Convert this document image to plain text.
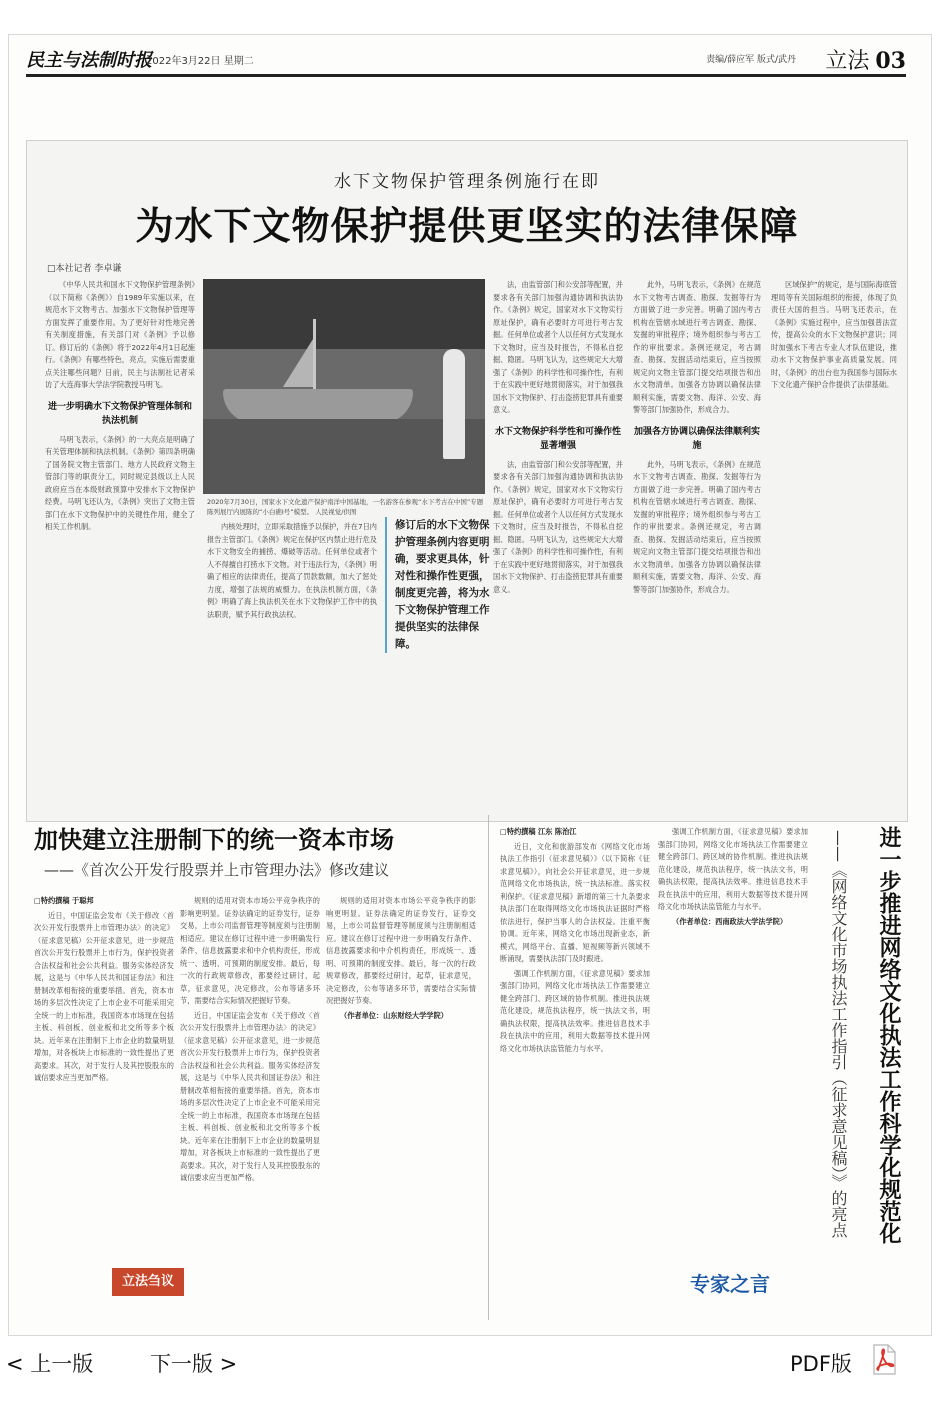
民主与法制时报
2022年3月22日 星期二	责编/薛应军 版式/武丹 立法 03
水下文物保护管理条例施行在即
为水下文物保护提供更坚实的法律保障
□本社记者 李卓谦

《中华人民共和国水下文物保护管理条例》（以下简称《条例》）自1989年实施以来，在规范水下文物考古、加强水下文物保护管理等方面发挥了重要作用。为了更好针对性地完善有关制度措施，有关部门对《条例》予以修订。修订后的《条例》将于2022年4月1日起施行。《条例》有哪些特色，亮点，实施后需要重点关注哪些问题？日前，民主与法制社记者采访了大连海事大学法学院教授马明飞。

进一步明确水下文物保护管理体制和执法机制

马明飞表示，《条例》的一大亮点是明确了有关管理体制和执法机制。《条例》第四条明确了国务院文物主管部门、地方人民政府文物主管部门等的职责分工，同时规定县级以上人民政府应当在本级财政预算中安排水下文物保护经费。马明飞还认为，《条例》突出了文物主管部门在水下文物保护中的关键性作用，健全了相关工作机制。

2020年7月30日，国家水下文化遗产保护南洋中国基地，一名游客在参观“水下考古在中国”专题陈列展厅内展陈的“小白礁Ⅰ号”模型。 人民视觉/供图

内核处理时，立即采取措施予以保护，并在7日内报告主管部门。《条例》规定在保护区内禁止进行危及水下文物安全的捕捞、爆破等活动。任何单位或者个人不得擅自打捞水下文物。对于违法行为，《条例》明确了相应的法律责任，提高了罚款数额，加大了惩处力度，增强了法规的威慑力。在执法机制方面，《条例》明确了海上执法机关在水下文物保护工作中的执法职责，赋予其行政执法权。

修订后的水下文物保护管理条例内容更明确，要求更具体，针对性和操作性更强，制度更完善，将为水下文物保护管理工作提供坚实的法律保障。

法，由监管部门和公安部等配置，并要求各有关部门加强沟通协调和执法协作。《条例》规定，国家对水下文物实行原址保护，确有必要时方可进行考古发掘。任何单位或者个人以任何方式发现水下文物时，应当及时报告，不得私自挖掘、隐匿。马明飞认为，这些规定大大增强了《条例》的科学性和可操作性，有利于在实践中更好地贯彻落实，对于加强我国水下文物保护、打击盗捞犯罪具有重要意义。

水下文物保护科学性和可操作性显著增强

法，由监管部门和公安部等配置，并要求各有关部门加强沟通协调和执法协作。《条例》规定，国家对水下文物实行原址保护，确有必要时方可进行考古发掘。任何单位或者个人以任何方式发现水下文物时，应当及时报告，不得私自挖掘、隐匿。马明飞认为，这些规定大大增强了《条例》的科学性和可操作性，有利于在实践中更好地贯彻落实，对于加强我国水下文物保护、打击盗捞犯罪具有重要意义。

此外，马明飞表示，《条例》在规范水下文物考古调查、勘探、发掘等行为方面做了进一步完善。明确了国内考古机构在管辖水域进行考古调查、勘探、发掘的审批程序；境外组织参与考古工作的审批要求。条例还规定，考古调查、勘探、发掘活动结束后，应当按照规定向文物主管部门提交结项报告和出水文物清单。加强各方协调以确保法律顺利实施，需要文物、海洋、公安、海警等部门加强协作，形成合力。

加强各方协调以确保法律顺利实施

此外，马明飞表示，《条例》在规范水下文物考古调查、勘探、发掘等行为方面做了进一步完善。明确了国内考古机构在管辖水域进行考古调查、勘探、发掘的审批程序；境外组织参与考古工作的审批要求。条例还规定，考古调查、勘探、发掘活动结束后，应当按照规定向文物主管部门提交结项报告和出水文物清单。加强各方协调以确保法律顺利实施，需要文物、海洋、公安、海警等部门加强协作，形成合力。

区域保护”的规定，是与国际海底管理局等有关国际组织的衔接，体现了负责任大国的担当。马明飞还表示，在《条例》实施过程中，应当加强普法宣传，提高公众的水下文物保护意识；同时加强水下考古专业人才队伍建设，推动水下文物保护事业高质量发展。同时，《条例》的出台也为我国参与国际水下文化遗产保护合作提供了法律基础。

加快建立注册制下的统一资本市场
——《首次公开发行股票并上市管理办法》修改建议

□特约撰稿 于聪邦

近日，中国证监会发布《关于修改〈首次公开发行股票并上市管理办法〉的决定》（征求意见稿）公开征求意见，进一步规范首次公开发行股票并上市行为，保护投资者合法权益和社会公共利益。服务实体经济发展，这是与《中华人民共和国证券法》和注册制改革相衔接的重要举措。首先，资本市场的多层次性决定了上市企业不可能采用完全统一的上市标准，我国资本市场现在包括主板、科创板、创业板和北交所等多个板块。近年来在注册制下上市企业的数量明显增加，对各板块上市标准的一致性提出了更高要求。其次，对于发行人及其控股股东的诚信要求应当更加严格。

规则的适用对资本市场公平竞争秩序的影响更明显。证券法确定的证券发行，证券交易，上市公司监督管理等制度须与注册制相适应。建议在修订过程中进一步明确发行条件、信息披露要求和中介机构责任，形成统一、透明、可预期的制度安排。最后，每一次的行政规章修改，都要经过研讨，起草，征求意见，决定修改，公布等诸多环节，需要结合实际情况把握好节奏。

近日，中国证监会发布《关于修改〈首次公开发行股票并上市管理办法〉的决定》（征求意见稿）公开征求意见，进一步规范首次公开发行股票并上市行为，保护投资者合法权益和社会公共利益。服务实体经济发展，这是与《中华人民共和国证券法》和注册制改革相衔接的重要举措。首先，资本市场的多层次性决定了上市企业不可能采用完全统一的上市标准，我国资本市场现在包括主板、科创板、创业板和北交所等多个板块。近年来在注册制下上市企业的数量明显增加，对各板块上市标准的一致性提出了更高要求。其次，对于发行人及其控股股东的诚信要求应当更加严格。

规则的适用对资本市场公平竞争秩序的影响更明显。证券法确定的证券发行，证券交易，上市公司监督管理等制度须与注册制相适应。建议在修订过程中进一步明确发行条件、信息披露要求和中介机构责任，形成统一、透明、可预期的制度安排。最后，每一次的行政规章修改，都要经过研讨，起草，征求意见，决定修改，公布等诸多环节，需要结合实际情况把握好节奏。

（作者单位：山东财经大学学院）

立法刍议

□特约撰稿 江东 陈治江

近日，文化和旅游部发布《网络文化市场执法工作指引（征求意见稿）》（以下简称《征求意见稿》），向社会公开征求意见，进一步规范网络文化市场执法，统一执法标准。落实权利保护。《征求意见稿》新增的第三十九条要求执法部门在取得网络文化市场执法证据时严格依法进行，保护当事人的合法权益。注重平衡协调。近年来，网络文化市场出现新业态，新模式，网络平台、直播、短视频等新兴领域不断涌现，需要执法部门及时跟进。

强调工作机制方面，《征求意见稿》要求加强部门协同，网络文化市场执法工作需要建立健全跨部门、跨区域的协作机制。推进执法规范化建设，规范执法程序，统一执法文书，明确执法权限，提高执法效率。推进信息技术手段在执法中的应用，利用大数据等技术提升网络文化市场执法监管能力与水平。

强调工作机制方面，《征求意见稿》要求加强部门协同，网络文化市场执法工作需要建立健全跨部门、跨区域的协作机制。推进执法规范化建设，规范执法程序，统一执法文书，明确执法权限，提高执法效率。推进信息技术手段在执法中的应用，利用大数据等技术提升网络文化市场执法监管能力与水平。

（作者单位：西南政法大学法学院）

专家之言
——《网络文化市场执法工作指引（征求意见稿）》的亮点	进一步推进网络文化执法工作科学化规范化
< 上一版	下一版 >	PDF版
